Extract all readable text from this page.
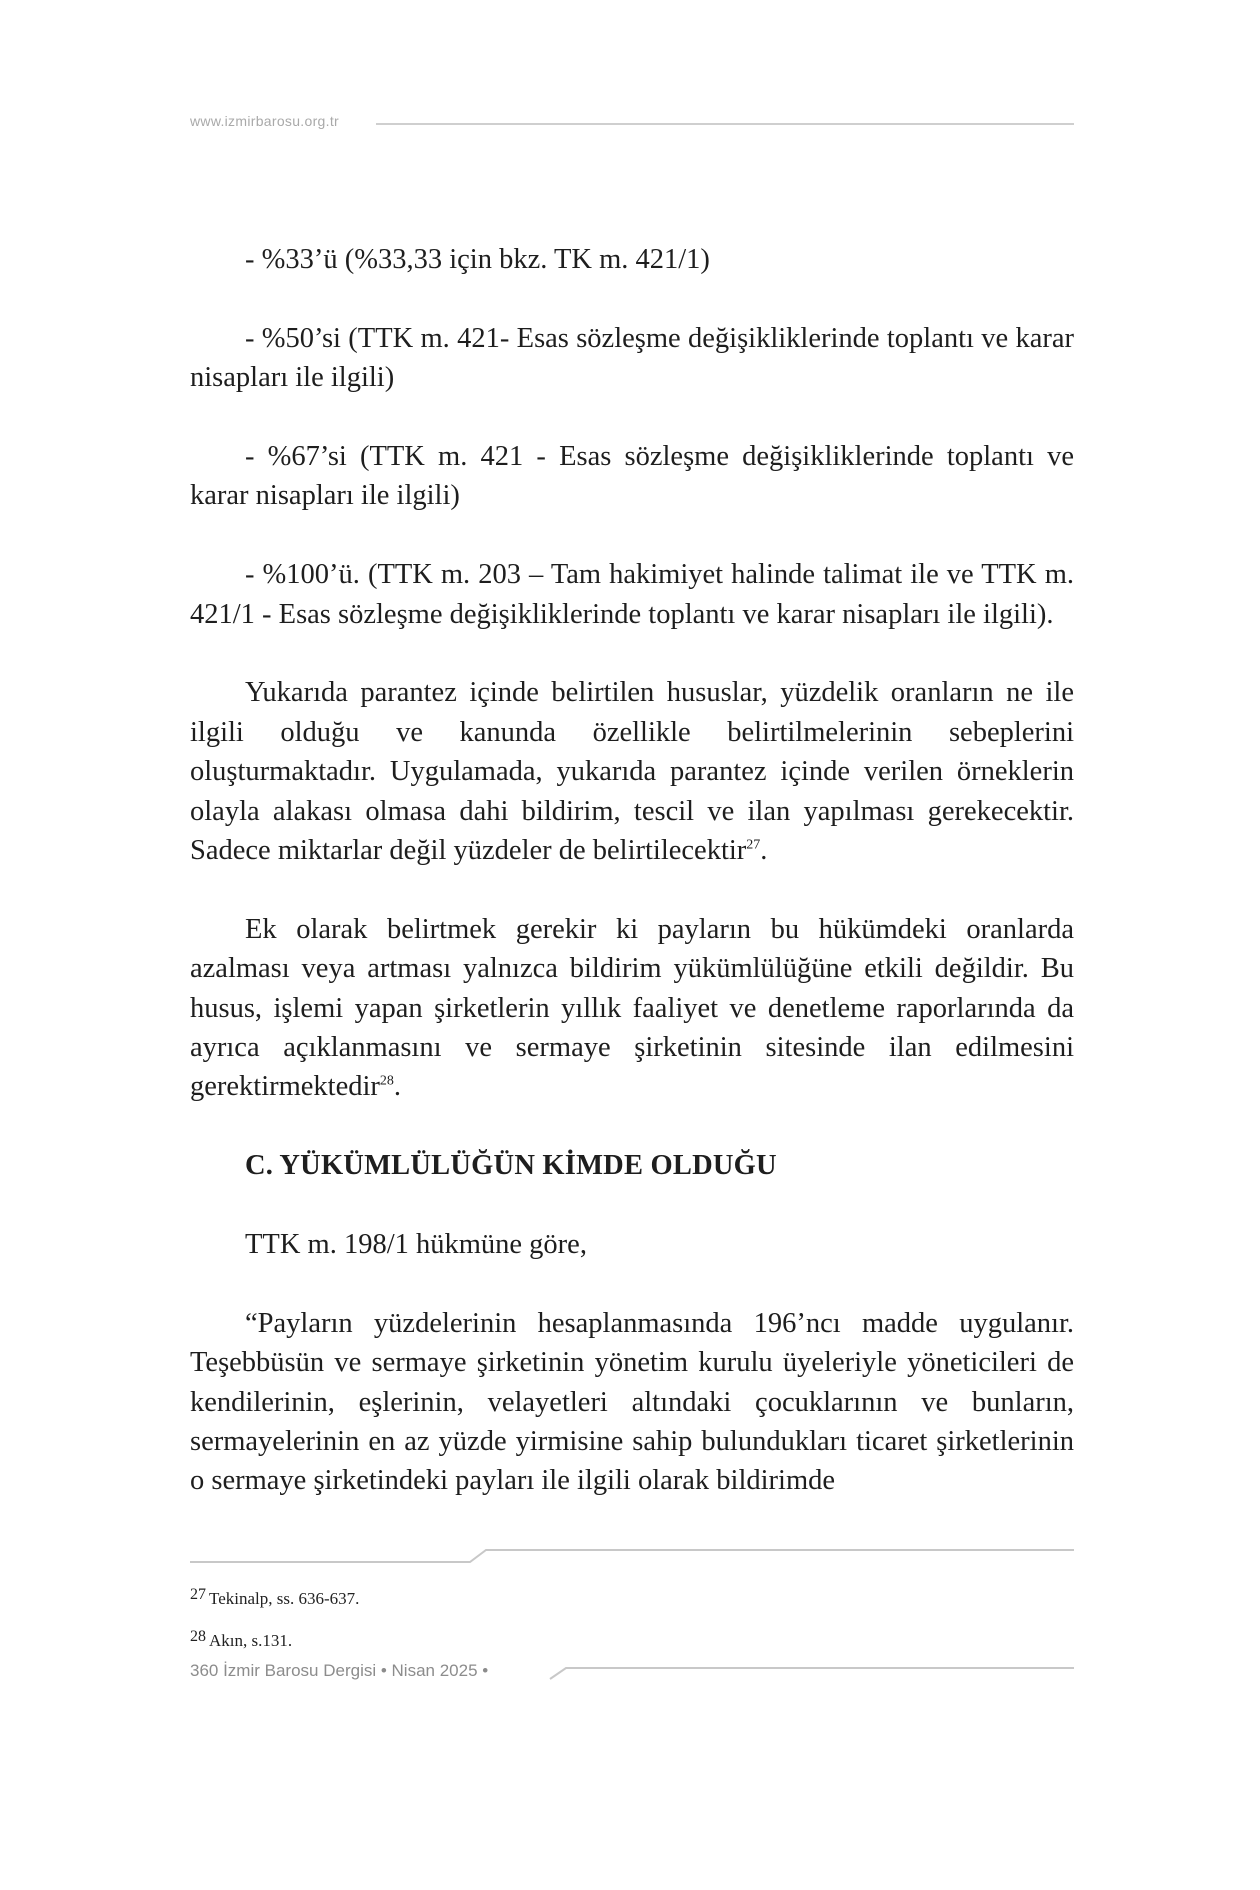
www.izmirbarosu.org.tr

- %33’ü (%33,33 için bkz. TK m. 421/1)

- %50’si (TTK m. 421- Esas sözleşme değişikliklerinde toplantı ve karar nisapları ile ilgili)

- %67’si (TTK m. 421 - Esas sözleşme değişikliklerinde toplantı ve karar nisapları ile ilgili)

- %100’ü. (TTK m. 203 – Tam hakimiyet halinde talimat ile ve TTK m. 421/1 - Esas sözleşme değişikliklerinde toplantı ve karar nisapları ile ilgili).

Yukarıda parantez içinde belirtilen hususlar, yüzdelik oranların ne ile ilgili olduğu ve kanunda özellikle belirtilmelerinin sebeplerini oluşturmaktadır. Uygulamada, yukarıda parantez içinde verilen örneklerin olayla alakası olmasa dahi bildirim, tescil ve ilan yapılması gerekecektir. Sadece miktarlar değil yüzdeler de belirtilecektir$^{27}$.

Ek olarak belirtmek gerekir ki payların bu hükümdeki oranlarda azalması veya artması yalnızca bildirim yükümlülüğüne etkili değildir. Bu husus, işlemi yapan şirketlerin yıllık faaliyet ve denetleme raporlarında da ayrıca açıklanmasını ve sermaye şirketinin sitesinde ilan edilmesini gerektirmektedir$^{28}$.

C. YÜKÜMLÜLÜĞÜN KİMDE OLDUĞU

TTK m. 198/1 hükmüne göre,

“Payların yüzdelerinin hesaplanmasında 196’ncı madde uygulanır. Teşebbüsün ve sermaye şirketinin yönetim kurulu üyeleriyle yöneticileri de kendilerinin, eşlerinin, velayetleri altındaki çocuklarının ve bunların, sermayelerinin en az yüzde yirmisine sahip bulundukları ticaret şirketlerinin o sermaye şirketindeki payları ile ilgili olarak bildirimde

27 Tekinalp, ss. 636-637.
28 Akın, s.131.
360 İzmir Barosu Dergisi • Nisan 2025 •
